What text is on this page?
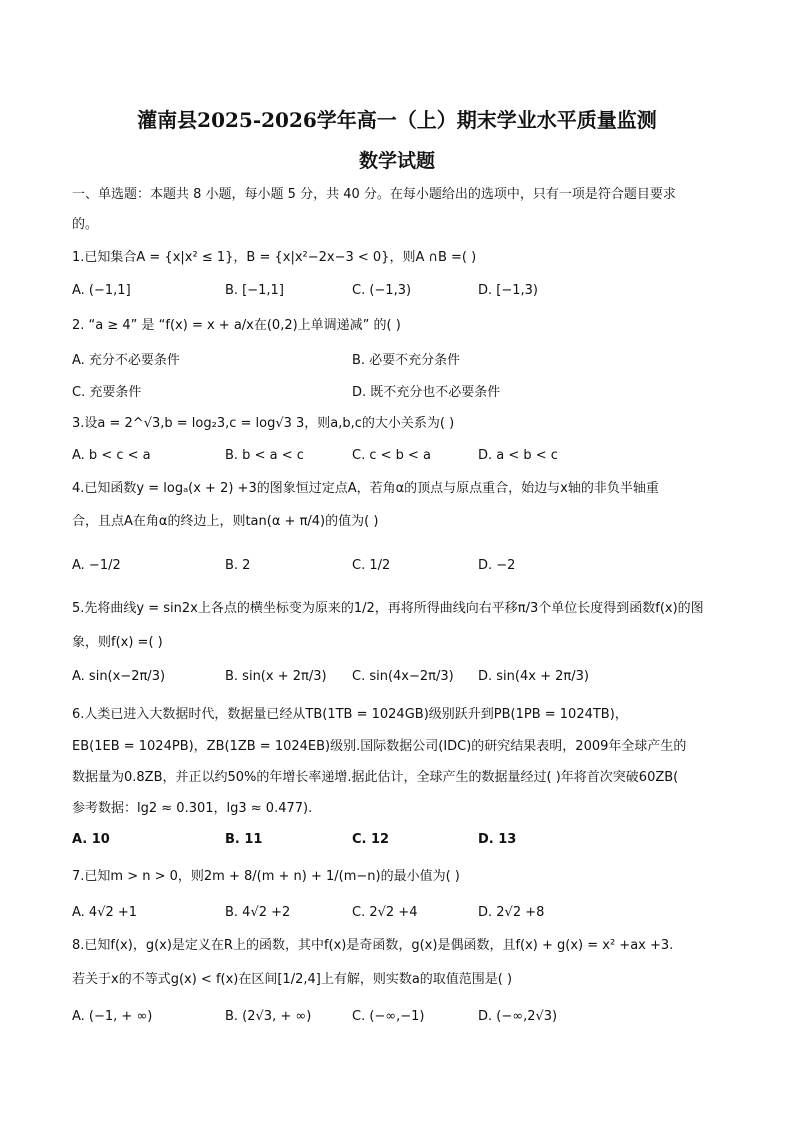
灌南县2025-2026学年高一（上）期末学业水平质量监测
数学试题
一、单选题：本题共 8 小题，每小题 5 分，共 40 分。在每小题给出的选项中，只有一项是符合题目要求
的。
1.已知集合A = {x|x² ≤ 1}，B = {x|x²−2x−3 < 0}，则A ∩B =( )
A. (−1,1]	B. [−1,1]	C. (−1,3)	D. [−1,3)
2. “a ≥ 4” 是 “f(x) = x + a/x在(0,2)上单调递减” 的( )
A. 充分不必要条件	B. 必要不充分条件
C. 充要条件	D. 既不充分也不必要条件
3.设a = 2^√3,b = log₂3,c = log√3 3，则a,b,c的大小关系为( )
A. b < c < a	B. b < a < c	C. c < b < a	D. a < b < c
4.已知函数y = logₐ(x + 2) +3的图象恒过定点A，若角α的顶点与原点重合，始边与x轴的非负半轴重
合，且点A在角α的终边上，则tan(α + π/4)的值为( )
A. −1/2	B. 2	C. 1/2	D. −2
5.先将曲线y = sin2x上各点的横坐标变为原来的1/2，再将所得曲线向右平移π/3个单位长度得到函数f(x)的图
象，则f(x) =( )
A. sin(x−2π/3)	B. sin(x + 2π/3) C. sin(4x−2π/3) D. sin(4x + 2π/3)
6.人类已进入大数据时代，数据量已经从TB(1TB = 1024GB)级别跃升到PB(1PB = 1024TB)，
EB(1EB = 1024PB)，ZB(1ZB = 1024EB)级别.国际数据公司(IDC)的研究结果表明，2009年全球产生的
数据量为0.8ZB，并正以约50%的年增长率递增.据此估计，全球产生的数据量经过( )年将首次突破60ZB(
参考数据：lg2 ≈ 0.301，lg3 ≈ 0.477).
A. 10	B. 11	C. 12	D. 13
7.已知m > n > 0，则2m + 8/(m + n) + 1/(m−n)的最小值为( )
A. 4√2 +1	B. 4√2 +2	C. 2√2 +4	D. 2√2 +8
8.已知f(x)，g(x)是定义在R上的函数，其中f(x)是奇函数，g(x)是偶函数，且f(x) + g(x) = x² +ax +3.
若关于x的不等式g(x) < f(x)在区间[1/2,4]上有解，则实数a的取值范围是( )
A. (−1, + ∞)	B. (2√3, + ∞)	C. (−∞,−1)	D. (−∞,2√3)
